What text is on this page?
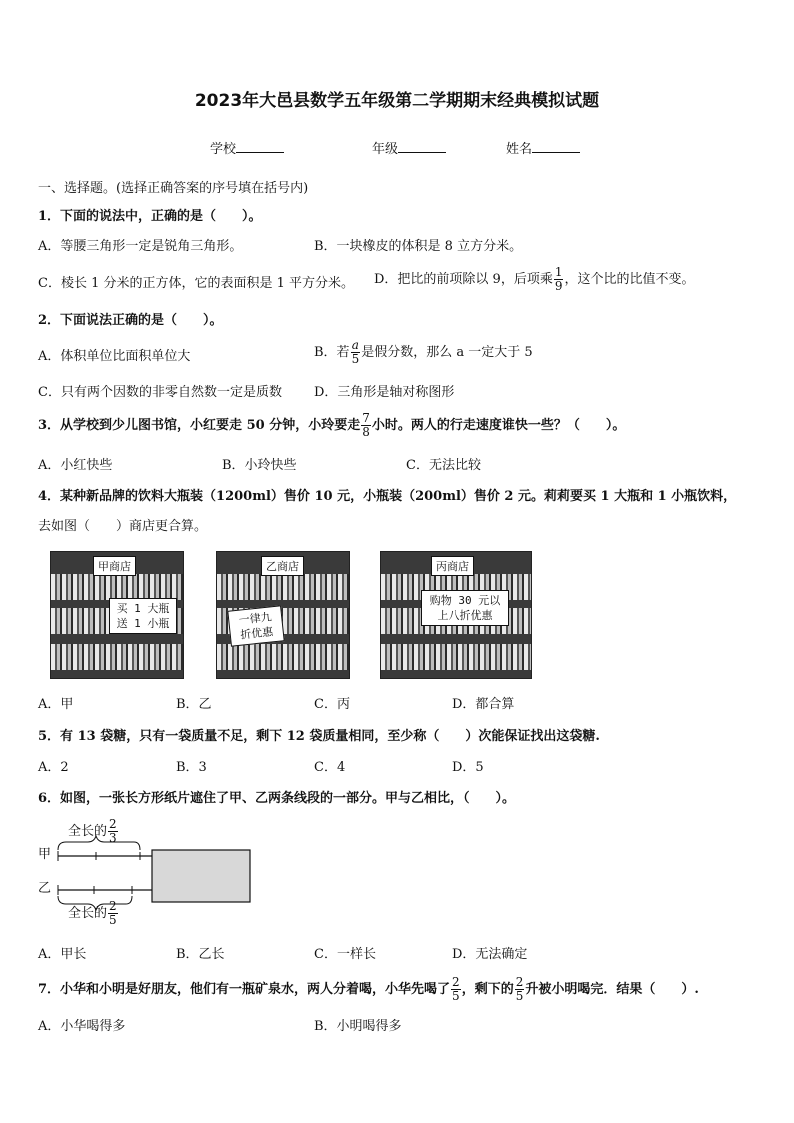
2023年大邑县数学五年级第二学期期末经典模拟试题
学校	年级	姓名
一、选择题。(选择正确答案的序号填在括号内)
1．下面的说法中，正确的是（　　）。
A．等腰三角形一定是锐角三角形。	B．一块橡皮的体积是 8 立方分米。
C．棱长 1 分米的正方体，它的表面积是 1 平方分米。 D．把比的前项除以 9，后项乘 $\frac{1}{9}$ ，这个比的比值不变。
2．下面说法正确的是（　　）。
A．体积单位比面积单位大	B．若 $\frac{a}{5}$ 是假分数，那么 a 一定大于 5
C．只有两个因数的非零自然数一定是质数 D．三角形是轴对称图形
3．从学校到少儿图书馆，小红要走 50 分钟，小玲要走 $\frac{7}{8}$ 小时。两人的行走速度谁快一些？（　　）。
A．小红快些	B．小玲快些	C．无法比较
4．某种新品牌的饮料大瓶装（1200ml）售价 10 元，小瓶装（200ml）售价 2 元。莉莉要买 1 大瓶和 1 小瓶饮料，
去如图（　　）商店更合算。
甲商店
买 1 大瓶 送 1 小瓶
乙商店
一律九 折优惠
丙商店
购物 30 元以 上八折优惠
A．甲	B．乙	C．丙	D．都合算
5．有 13 袋糖，只有一袋质量不足，剩下 12 袋质量相同，至少称（　　）次能保证找出这袋糖.
A．2	B．3	C．4	D．5
6．如图，一张长方形纸片遮住了甲、乙两条线段的一部分。甲与乙相比，（　　）。
甲
乙
全长的 $\frac{2}{3}$
全长的 $\frac{2}{5}$
A．甲长	B．乙长	C．一样长	D．无法确定
7．小华和小明是好朋友，他们有一瓶矿泉水，两人分着喝，小华先喝了 $\frac{2}{5}$ ，剩下的 $\frac{2}{5}$ 升被小明喝完．结果（　　）.
A．小华喝得多	B．小明喝得多
